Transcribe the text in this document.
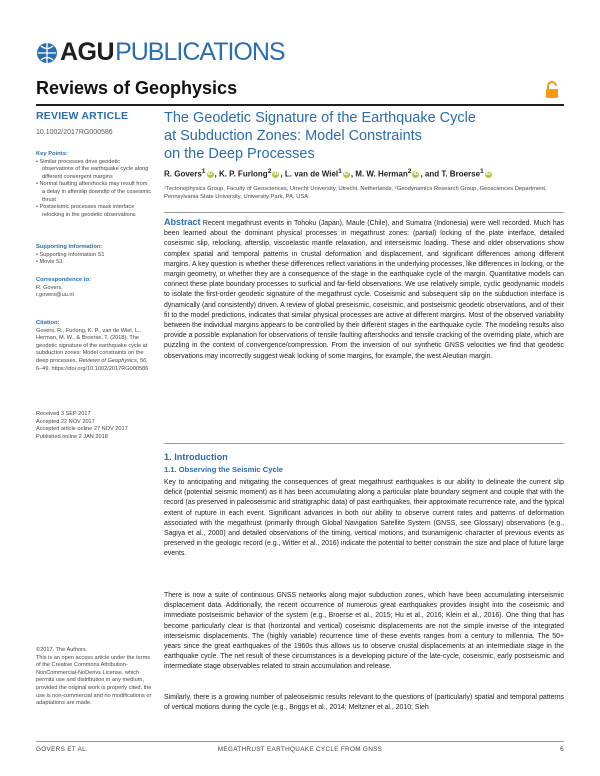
AGU PUBLICATIONS
Reviews of Geophysics
REVIEW ARTICLE
10.1002/2017RG000586
Key Points:

• Similar processes drive geodetic observations of the earthquake cycle along different convergent margins

• Normal faulting aftershocks may result from a delay in afterslip downdip of the coseismic thrust

• Postseismic processes mask interface relocking in the geodetic observations

Supporting Information:

• Supporting Information S1

• Movie S1

Correspondence to:

R. Govers,

r.govers@uu.nl

Citation:

Govers, R., Furlong, K. P., van de Wiel, L., Herman, M. W., & Broerse, T. (2018). The geodetic signature of the earthquake cycle at subduction zones: Model constraints on the deep processes. Reviews of Geophysics, 56, 6–49. https://doi.org/10.1002/2017RG000586

Received 3 SEP 2017

Accepted 22 NOV 2017

Accepted article online 27 NOV 2017

Published online 2 JAN 2018

©2017. The Authors.

This is an open access article under the terms of the Creative Commons Attribution-NonCommercial-NoDerivs License, which permits use and distribution in any medium, provided the original work is properly cited, the use is non-commercial and no modifications or adaptations are made.

The Geodetic Signature of the Earthquake Cycle
at Subduction Zones: Model Constraints
on the Deep Processes
R. Govers$^1$ iD , K. P. Furlong$^2$ iD , L. van de Wiel$^1$ iD , M. W. Herman$^2$ iD , and T. Broerse$^1$ iD
¹Tectonophysics Group, Faculty of Geosciences, Utrecht University, Utrecht, Netherlands, ²Geodynamics Research Group, Geosciences Department, Pennsylvania State University, University Park, PA, USA
Abstract Recent megathrust events in Tohoku (Japan), Maule (Chile), and Sumatra (Indonesia) were well recorded. Much has been learned about the dominant physical processes in megathrust zones: (partial) locking of the plate interface, detailed coseismic slip, relocking, afterslip, viscoelastic mantle relaxation, and interseismic loading. These and older observations show complex spatial and temporal patterns in crustal deformation and displacement, and significant differences among different margins. A key question is whether these differences reflect variations in the underlying processes, like differences in locking, or the margin geometry, or whether they are a consequence of the stage in the earthquake cycle of the margin. Quantitative models can connect these plate boundary processes to surficial and far-field observations. We use relatively simple, cyclic geodynamic models to isolate the first-order geodetic signature of the megathrust cycle. Coseismic and subsequent slip on the subduction interface is dynamically (and consistently) driven. A review of global preseismic, coseismic, and postseismic geodetic observations, and of their fit to the model predictions, indicates that similar physical processes are active at different margins. Most of the observed variability between the individual margins appears to be controlled by their different stages in the earthquake cycle. The modeling results also provide a possible explanation for observations of tensile faulting aftershocks and tensile cracking of the overriding plate, which are puzzling in the context of convergence/compression. From the inversion of our synthetic GNSS velocities we find that geodetic observations may incorrectly suggest weak locking of some margins, for example, the west Aleutian margin.
1. Introduction
1.1. Observing the Seismic Cycle
Key to anticipating and mitigating the consequences of great megathrust earthquakes is our ability to delineate the current slip deficit (potential seismic moment) as it has been accumulating along a particular plate boundary segment and couple that with the record (as preserved in paleoseismic and stratigraphic data) of past earthquakes, their approximate recurrence rate, and the typical extent of rupture in each event. Significant advances in both our ability to observe current rates and patterns of deformation associated with the megathrust (primarily through Global Navigation Satellite System (GNSS, see Glossary) observations (e.g., Sagiya et al., 2000) and detailed observations of the timing, vertical motions, and tsunamigenic character of previous events as preserved in the geologic record (e.g., Witter et al., 2016) indicate the potential to better constrain the size and place of future large events.
There is now a suite of continuous GNSS networks along major subduction zones, which have been accumulating interseismic displacement data. Additionally, the recent occurrence of numerous great earthquakes provides insight into the coseismic and immediate postseismic behavior of the system (e.g., Broerse et al., 2015; Hu et al., 2016; Klein et al., 2016). One thing that has become particularly clear is that (horizontal and vertical) coseismic displacements are not the simple inverse of the integrated interseismic displacements. The (highly variable) recurrence time of these events ranges from a century to millennia. The 50+ years since the great earthquakes of the 1960s thus allows us to observe crustal displacements at an intermediate stage in the earthquake cycle. The net result of these circumstances is a developing picture of the late-cycle, coseismic, early postseismic and intermediate stage observables related to strain accumulation and release.
Similarly, there is a growing number of paleoseismic results relevant to the questions of (particularly) spatial and temporal patterns of vertical motions during the cycle (e.g., Briggs et al., 2014; Meltzner et al., 2010; Sieh
GOVERS ET AL.	MEGATHRUST EARTHQUAKE CYCLE FROM GNSS	6
